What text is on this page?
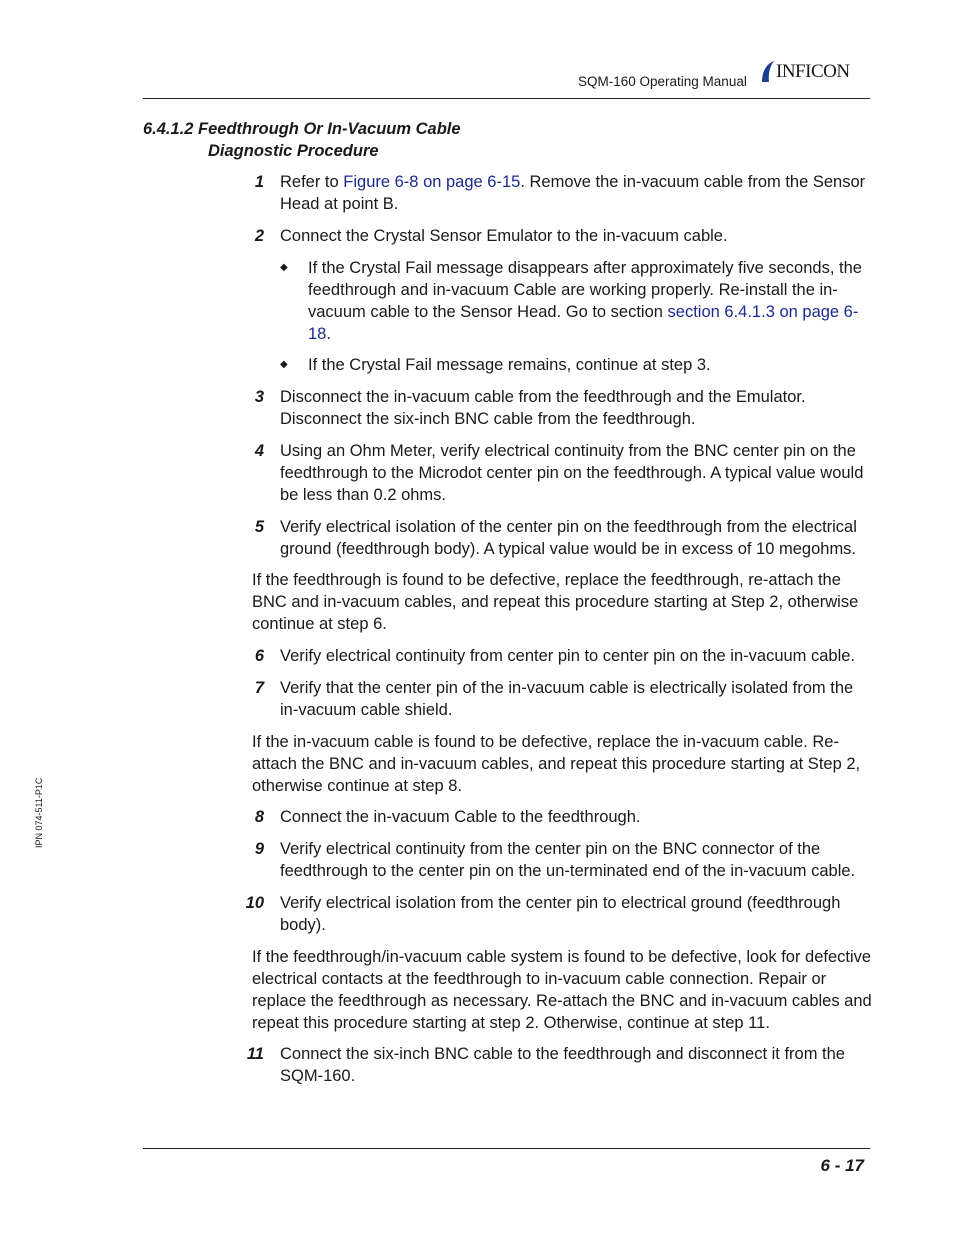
SQM-160 Operating Manual INFICON
IPN 074-511-P1C
6.4.1.2 Feedthrough Or In-Vacuum Cable
Diagnostic Procedure
1 Refer to Figure 6-8 on page 6-15. Remove the in-vacuum cable from the Sensor Head at point B.
2 Connect the Crystal Sensor Emulator to the in-vacuum cable.
◆ If the Crystal Fail message disappears after approximately five seconds, the feedthrough and in-vacuum Cable are working properly. Re-install the in-vacuum cable to the Sensor Head. Go to section section 6.4.1.3 on page 6-18.
◆ If the Crystal Fail message remains, continue at step 3.
3 Disconnect the in-vacuum cable from the feedthrough and the Emulator. Disconnect the six-inch BNC cable from the feedthrough.
4 Using an Ohm Meter, verify electrical continuity from the BNC center pin on the feedthrough to the Microdot center pin on the feedthrough. A typical value would be less than 0.2 ohms.
5 Verify electrical isolation of the center pin on the feedthrough from the electrical ground (feedthrough body). A typical value would be in excess of 10 megohms.
If the feedthrough is found to be defective, replace the feedthrough, re-attach the BNC and in-vacuum cables, and repeat this procedure starting at Step 2, otherwise continue at step 6.
6 Verify electrical continuity from center pin to center pin on the in-vacuum cable.
7 Verify that the center pin of the in-vacuum cable is electrically isolated from the in-vacuum cable shield.
If the in-vacuum cable is found to be defective, replace the in-vacuum cable. Re-attach the BNC and in-vacuum cables, and repeat this procedure starting at Step 2, otherwise continue at step 8.
8 Connect the in-vacuum Cable to the feedthrough.
9 Verify electrical continuity from the center pin on the BNC connector of the feedthrough to the center pin on the un-terminated end of the in-vacuum cable.
10 Verify electrical isolation from the center pin to electrical ground (feedthrough body).
If the feedthrough/in-vacuum cable system is found to be defective, look for defective electrical contacts at the feedthrough to in-vacuum cable connection. Repair or replace the feedthrough as necessary. Re-attach the BNC and in-vacuum cables and repeat this procedure starting at step 2. Otherwise, continue at step 11.
11 Connect the six-inch BNC cable to the feedthrough and disconnect it from the SQM-160.
6 - 17
